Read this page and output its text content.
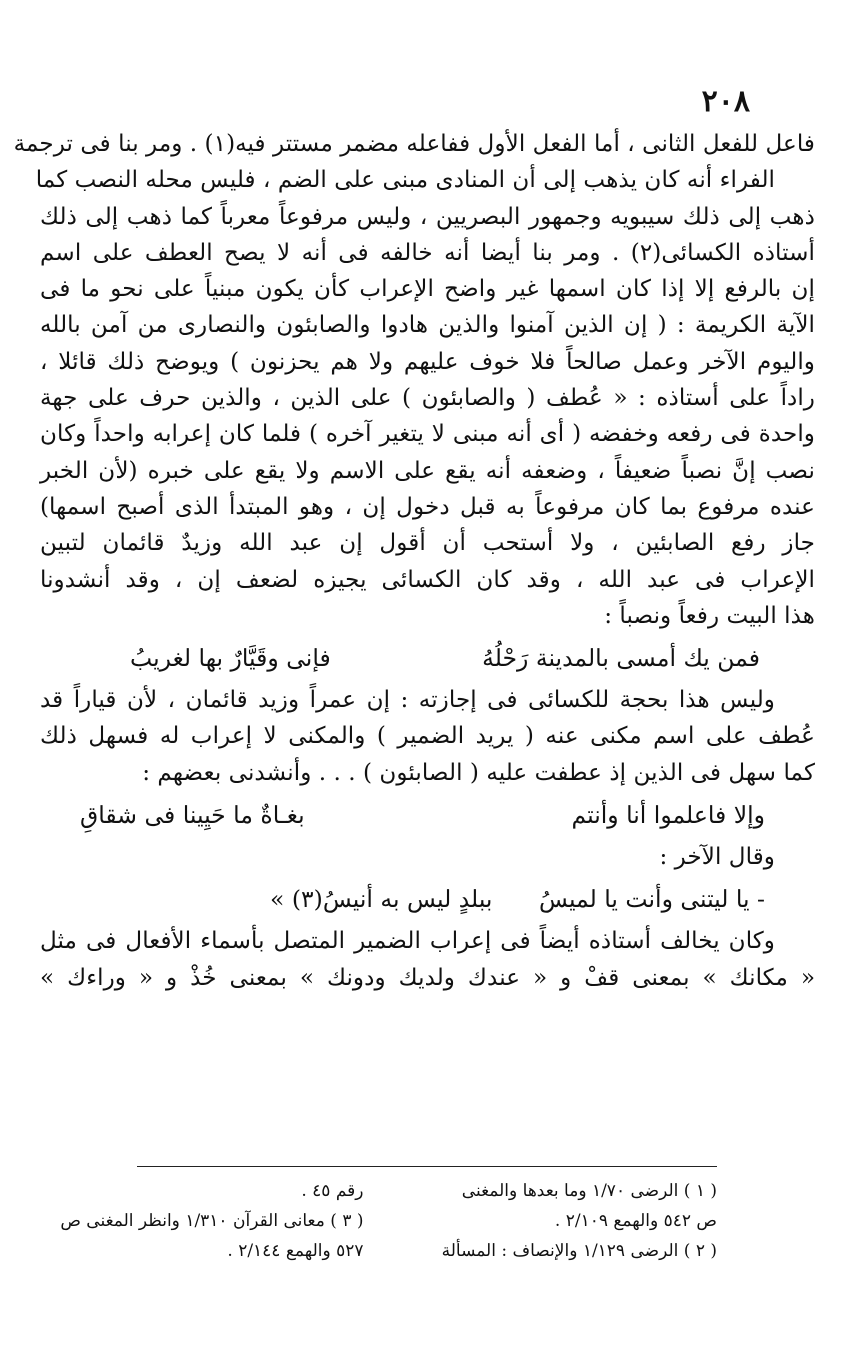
٢٠٨
فاعل للفعل الثانى ، أما الفعل الأول ففاعله مضمر مستتر فيه(١) . ومر بنا فى ترجمة
الفراء أنه كان يذهب إلى أن المنادى مبنى على الضم ، فليس محله النصب كما
ذهب إلى ذلك سيبويه وجمهور البصريين ، وليس مرفوعاً معرباً كما ذهب إلى ذلك
أستاذه الكسائى(٢) . ومر بنا أيضا أنه خالفه فى أنه لا يصح العطف على اسم
إن بالرفع إلا إذا كان اسمها غير واضح الإعراب كأن يكون مبنياً على نحو ما فى
الآية الكريمة : ( إن الذين آمنوا والذين هادوا والصابئون والنصارى من آمن بالله
واليوم الآخر وعمل صالحاً فلا خوف عليهم ولا هم يحزنون ) ويوضح ذلك قائلا ،
راداً على أستاذه : « عُطف ( والصابئون ) على الذين ، والذين حرف على جهة
واحدة فى رفعه وخفضه ( أى أنه مبنى لا يتغير آخره ) فلما كان إعرابه واحداً وكان
نصب إنَّ نصباً ضعيفاً ، وضعفه أنه يقع على الاسم ولا يقع على خبره (لأن الخبر
عنده مرفوع بما كان مرفوعاً به قبل دخول إن ، وهو المبتدأ الذى أصبح اسمها)
جاز رفع الصابئين ، ولا أستحب أن أقول إن عبد الله وزيدٌ قائمان لتبين
الإعراب فى عبد الله ، وقد كان الكسائى يجيزه لضعف إن ، وقد أنشدونا
هذا البيت رفعاً ونصباً :
فمن يك أمسى بالمدينة رَحْلُهُ
فإنى وقَيَّارٌ بها لغريبُ
وليس هذا بحجة للكسائى فى إجازته : إن عمراً وزيد قائمان ، لأن قياراً قد
عُطف على اسم مكنى عنه ( يريد الضمير ) والمكنى لا إعراب له فسهل ذلك
كما سهل فى الذين إذ عطفت عليه ( الصابئون ) . . . وأنشدنى بعضهم :
وإلا فاعلموا أنا وأنتم
بغـاةٌ ما حَيِينا فى شقاقِ
وقال الآخر :
- يا ليتنى وأنت يا لميسُ
ببلدٍ ليس به أنيسُ(٣) »
وكان يخالف أستاذه أيضاً فى إعراب الضمير المتصل بأسماء الأفعال فى مثل
« مكانك » بمعنى قفْ و « عندك ولديك ودونك » بمعنى خُذْ و « وراءك »
( ١ ) الرضى ١/٧٠ وما بعدها والمغنى
ص ٥٤٢ والهمع ٢/١٠٩ .
( ٢ ) الرضى ١/١٢٩ والإنصاف : المسألة
رقم ٤٥ .
( ٣ ) معانى القرآن ١/٣١٠ وانظر المغنى ص
٥٢٧ والهمع ٢/١٤٤ .
